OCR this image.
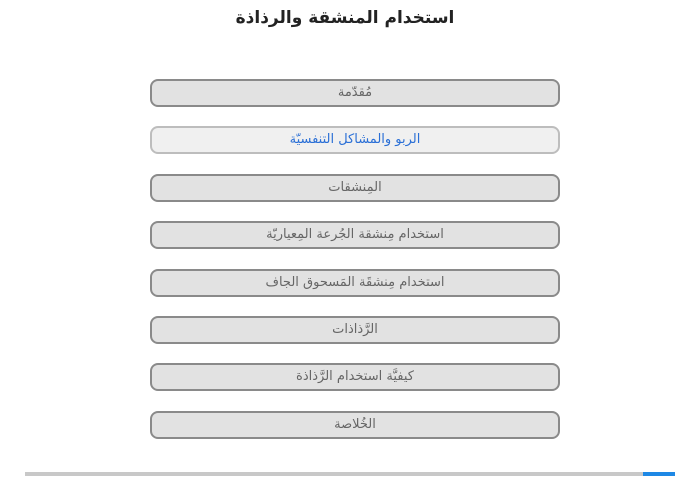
استخدام المنشقة والرذاذة
مُقدّمة
الربو والمشاكل التنفسيّة
المِنشقات
استخدام مِنشقة الجُرعة المِعياريّة
استخدام مِنشقَة المَسحوق الجاف
الرَّذاذات
كيفيَّة استخدام الرَّذاذة
الخُلاصة
